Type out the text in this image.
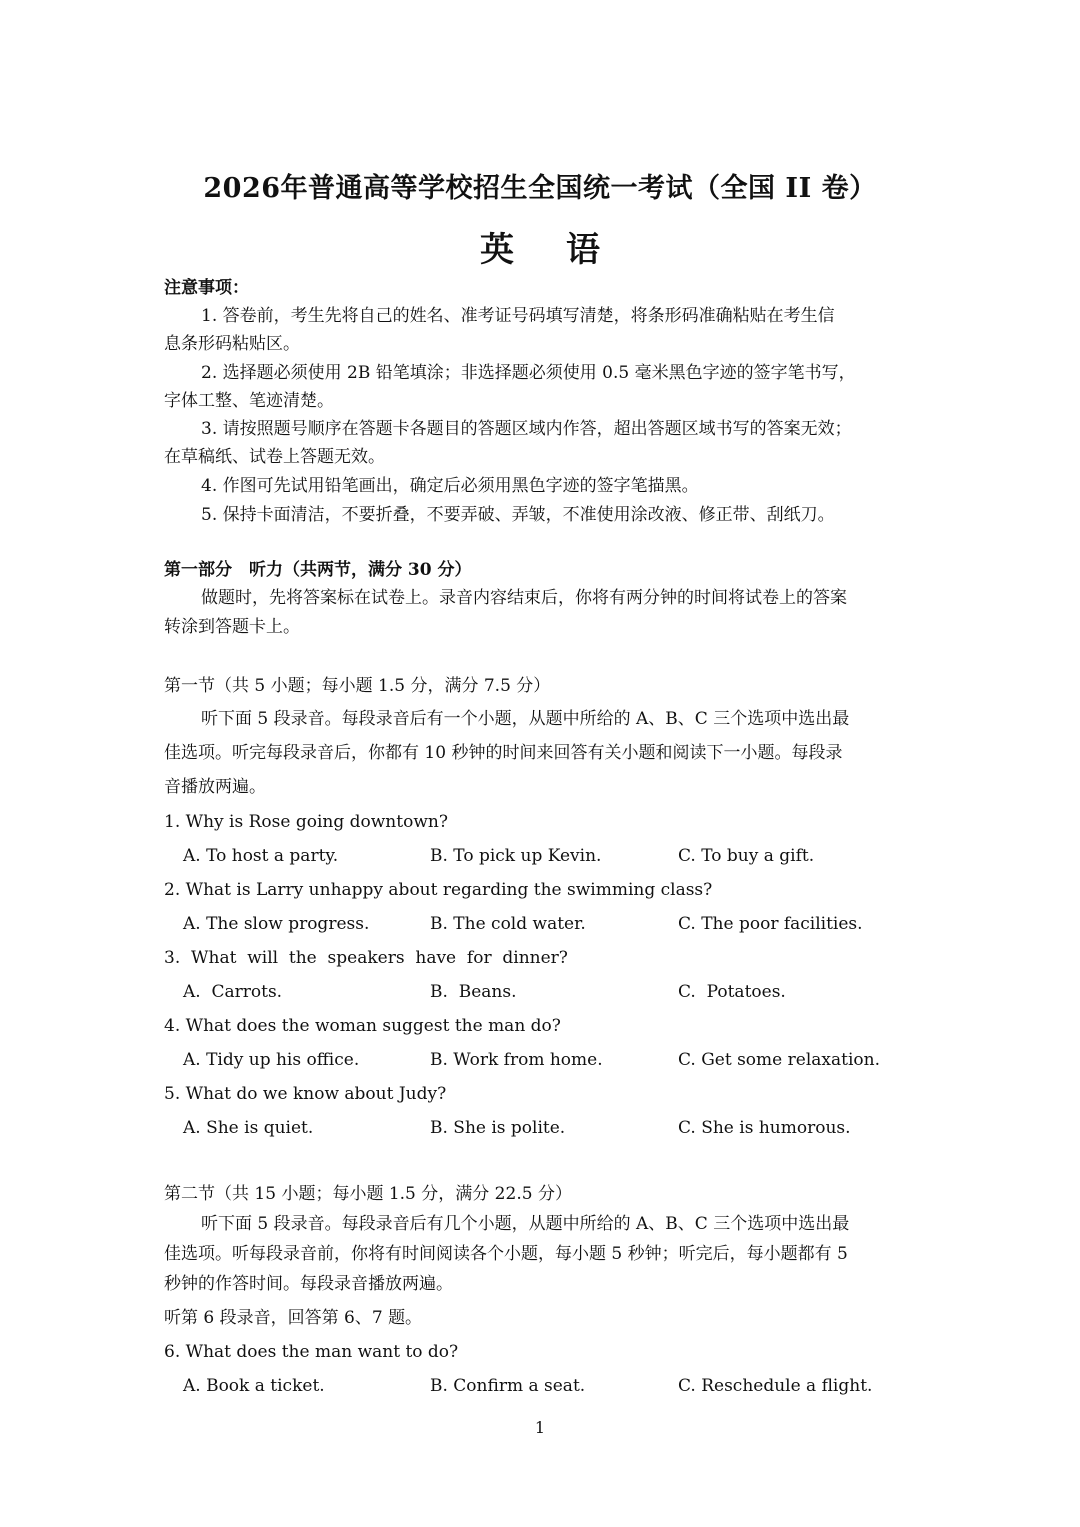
2026年普通高等学校招生全国统一考试（全国 II 卷）
英语
注意事项：
1. 答卷前，考生先将自己的姓名、准考证号码填写清楚，将条形码准确粘贴在考生信
息条形码粘贴区。
2. 选择题必须使用 2B 铅笔填涂；非选择题必须使用 0.5 毫米黑色字迹的签字笔书写，
字体工整、笔迹清楚。
3. 请按照题号顺序在答题卡各题目的答题区域内作答，超出答题区域书写的答案无效；
在草稿纸、试卷上答题无效。
4. 作图可先试用铅笔画出，确定后必须用黑色字迹的签字笔描黑。
5. 保持卡面清洁，不要折叠，不要弄破、弄皱，不准使用涂改液、修正带、刮纸刀。
第一部分　听力（共两节，满分 30 分）
做题时，先将答案标在试卷上。录音内容结束后，你将有两分钟的时间将试卷上的答案
转涂到答题卡上。
第一节（共 5 小题；每小题 1.5 分，满分 7.5 分）
听下面 5 段录音。每段录音后有一个小题，从题中所给的 A、B、C 三个选项中选出最
佳选项。听完每段录音后，你都有 10 秒钟的时间来回答有关小题和阅读下一小题。每段录
音播放两遍。
1. Why is Rose going downtown?
A. To host a party.	B. To pick up Kevin.	C. To buy a gift.
2. What is Larry unhappy about regarding the swimming class?
A. The slow progress.	B. The cold water.	C. The poor facilities.
3.  What  will  the  speakers  have  for  dinner?
A.  Carrots.	B.  Beans.	C.  Potatoes.
4. What does the woman suggest the man do?
A. Tidy up his office.	B. Work from home.	C. Get some relaxation.
5. What do we know about Judy?
A. She is quiet.	B. She is polite.	C. She is humorous.
第二节（共 15 小题；每小题 1.5 分，满分 22.5 分）
听下面 5 段录音。每段录音后有几个小题，从题中所给的 A、B、C 三个选项中选出最
佳选项。听每段录音前，你将有时间阅读各个小题，每小题 5 秒钟；听完后，每小题都有 5
秒钟的作答时间。每段录音播放两遍。
听第 6 段录音，回答第 6、7 题。
6. What does the man want to do?
A. Book a ticket.	B. Confirm a seat.	C. Reschedule a flight.
1
